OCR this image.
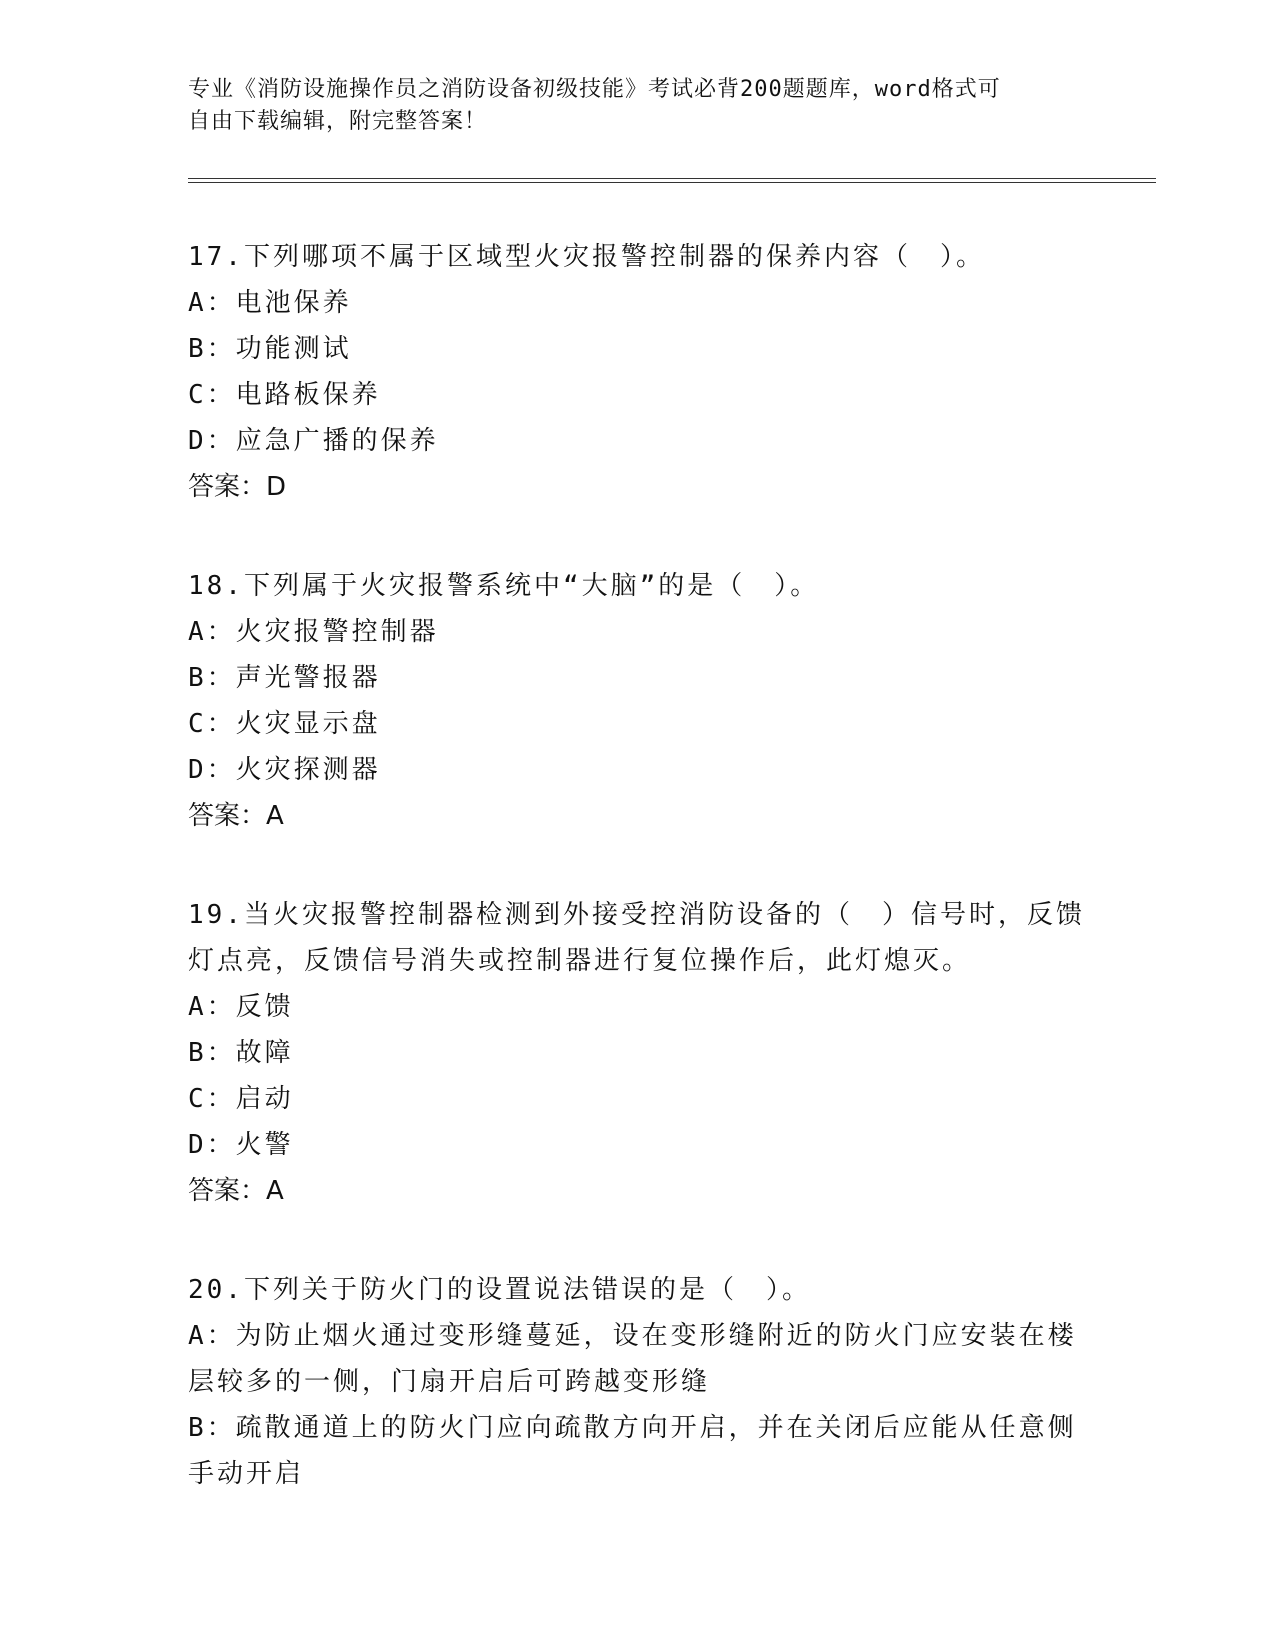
专业《消防设施操作员之消防设备初级技能》考试必背200题题库，word格式可
自由下载编辑，附完整答案！
17.下列哪项不属于区域型火灾报警控制器的保养内容（　）。
A：电池保养
B：功能测试
C：电路板保养
D：应急广播的保养
答案：D
18.下列属于火灾报警系统中“大脑”的是（　）。
A：火灾报警控制器
B：声光警报器
C：火灾显示盘
D：火灾探测器
答案：A
19.当火灾报警控制器检测到外接受控消防设备的（　）信号时，反馈
灯点亮，反馈信号消失或控制器进行复位操作后，此灯熄灭。
A：反馈
B：故障
C：启动
D：火警
答案：A
20.下列关于防火门的设置说法错误的是（　）。
A：为防止烟火通过变形缝蔓延，设在变形缝附近的防火门应安装在楼
层较多的一侧，门扇开启后可跨越变形缝
B：疏散通道上的防火门应向疏散方向开启，并在关闭后应能从任意侧
手动开启
